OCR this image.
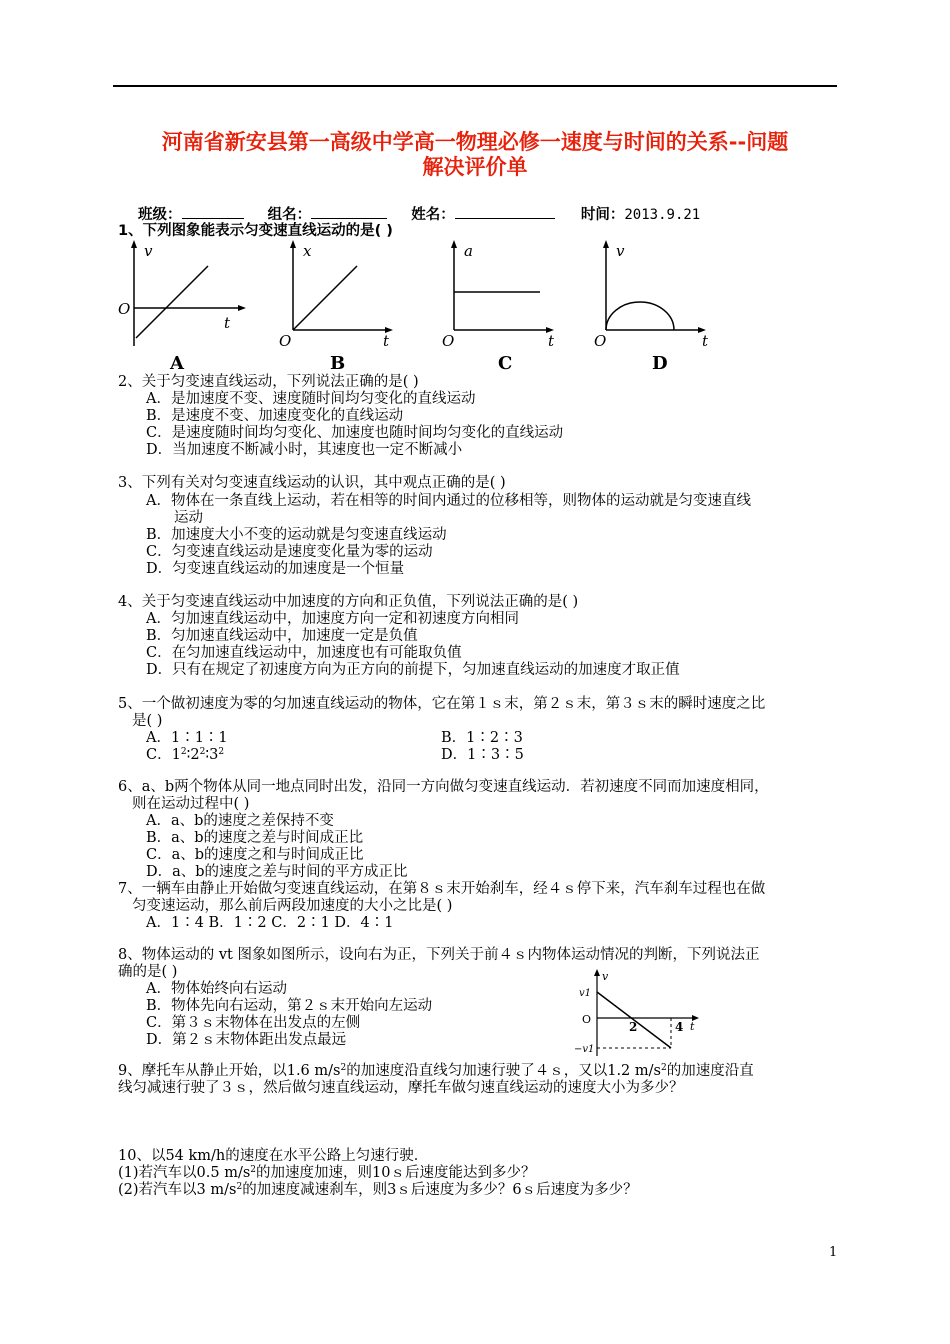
河南省新安县第一高级中学高一物理必修一速度与时间的关系--问题
解决评价单
班级：	组名：	姓名：	时间：2013.9.21
1、下列图象能表示匀变速直线运动的是( )
v
O
t
A
x
O	t
B
a
O	t
C
v
O	t
D
2、关于匀变速直线运动，下列说法正确的是( )
A．是加速度不变、速度随时间均匀变化的直线运动
B．是速度不变、加速度变化的直线运动
C．是速度随时间均匀变化、加速度也随时间均匀变化的直线运动
D．当加速度不断减小时，其速度也一定不断减小
3、下列有关对匀变速直线运动的认识，其中观点正确的是( )
A．物体在一条直线上运动，若在相等的时间内通过的位移相等，则物体的运动就是匀变速直线
运动
B．加速度大小不变的运动就是匀变速直线运动
C．匀变速直线运动是速度变化量为零的运动
D．匀变速直线运动的加速度是一个恒量
4、关于匀变速直线运动中加速度的方向和正负值，下列说法正确的是( )
A．匀加速直线运动中，加速度方向一定和初速度方向相同
B．匀加速直线运动中，加速度一定是负值
C．在匀加速直线运动中，加速度也有可能取负值
D．只有在规定了初速度方向为正方向的前提下，匀加速直线运动的加速度才取正值
5、一个做初速度为零的匀加速直线运动的物体，它在第１ｓ末，第２ｓ末，第３ｓ末的瞬时速度之比
是( )
A．1∶1∶1	B．1∶2∶3
C．$1^2∶2^2∶3^2$	D．1∶3∶5
6、a、b两个物体从同一地点同时出发，沿同一方向做匀变速直线运动．若初速度不同而加速度相同，
则在运动过程中( )
A．a、b的速度之差保持不变
B．a、b的速度之差与时间成正比
C．a、b的速度之和与时间成正比
D．a、b的速度之差与时间的平方成正比
7、一辆车由静止开始做匀变速直线运动，在第８ｓ末开始刹车，经４ｓ停下来，汽车刹车过程也在做
匀变速运动，那么前后两段加速度的大小之比是( )
A．1∶4 B．1∶2 C．2∶1 D．4∶1
8、物体运动的 vt 图象如图所示，设向右为正，下列关于前４ｓ内物体运动情况的判断，下列说法正
确的是( )
A．物体始终向右运动
B．物体先向右运动，第２ｓ末开始向左运动
C．第３ｓ末物体在出发点的左侧
D．第２ｓ末物体距出发点最远
v
v1
O
−v1
2	4 t
9、摩托车从静止开始，以1.6 $m/s^2$的加速度沿直线匀加速行驶了４ｓ，又以1.2 $m/s^2$的加速度沿直
线匀减速行驶了３ｓ，然后做匀速直线运动，摩托车做匀速直线运动的速度大小为多少？
10、以54 km/h的速度在水平公路上匀速行驶．
(1)若汽车以0.5 $m/s^2$的加速度加速，则10ｓ后速度能达到多少？
(2)若汽车以3 $m/s^2$的加速度减速刹车，则3ｓ后速度为多少？6ｓ后速度为多少？
1
